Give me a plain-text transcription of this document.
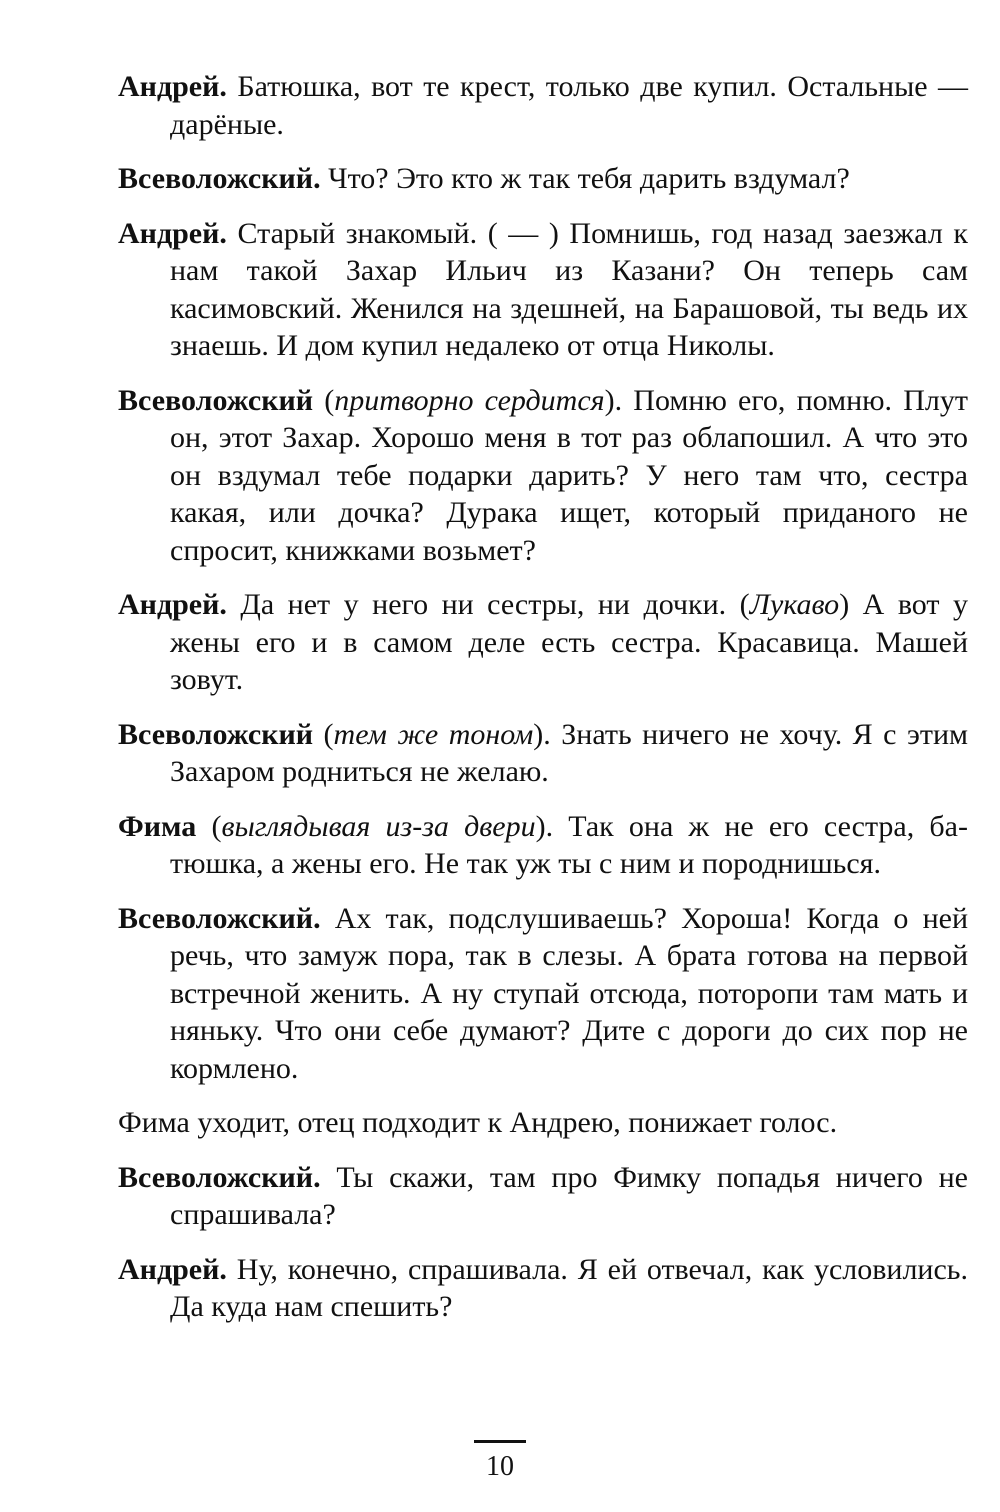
Андрей. Батюшка, вот те крест, только две купил. Остальные — дарёные.

Всеволожский. Что? Это кто ж так тебя дарить вздумал?

Андрей. Старый знакомый. ( — ) Помнишь, год назад заезжал к нам такой Захар Ильич из Казани? Он теперь сам касимовский. Женился на здешней, на Барашовой, ты ведь их знаешь. И дом купил недалеко от отца Николы.

Всеволожский (притворно сердится). Помню его, помню. Плут он, этот Захар. Хорошо меня в тот раз облапошил. А что это он вздумал тебе подарки дарить? У него там что, сестра какая, или дочка? Дурака ищет, который приданого не спросит, книжками возьмет?

Андрей. Да нет у него ни сестры, ни дочки. (Лукаво) А вот у жены его и в самом деле есть сестра. Красавица. Машей зовут.

Всеволожский (тем же тоном). Знать ничего не хочу. Я с этим Захаром родниться не желаю.

Фима (выглядывая из-за двери). Так она ж не его сестра, батюшка, а жены его. Не так уж ты с ним и породнишься.

Всеволожский. Ах так, подслушиваешь? Хороша! Когда о ней речь, что замуж пора, так в слезы. А брата готова на первой встречной женить. А ну ступай отсюда, поторопи там мать и няньку. Что они себе думают? Дите с дороги до сих пор не кормлено.

Фима уходит, отец подходит к Андрею, понижает голос.

Всеволожский. Ты скажи, там про Фимку попадья ничего не спрашивала?

Андрей. Ну, конечно, спрашивала. Я ей отвечал, как условились. Да куда нам спешить?

10
